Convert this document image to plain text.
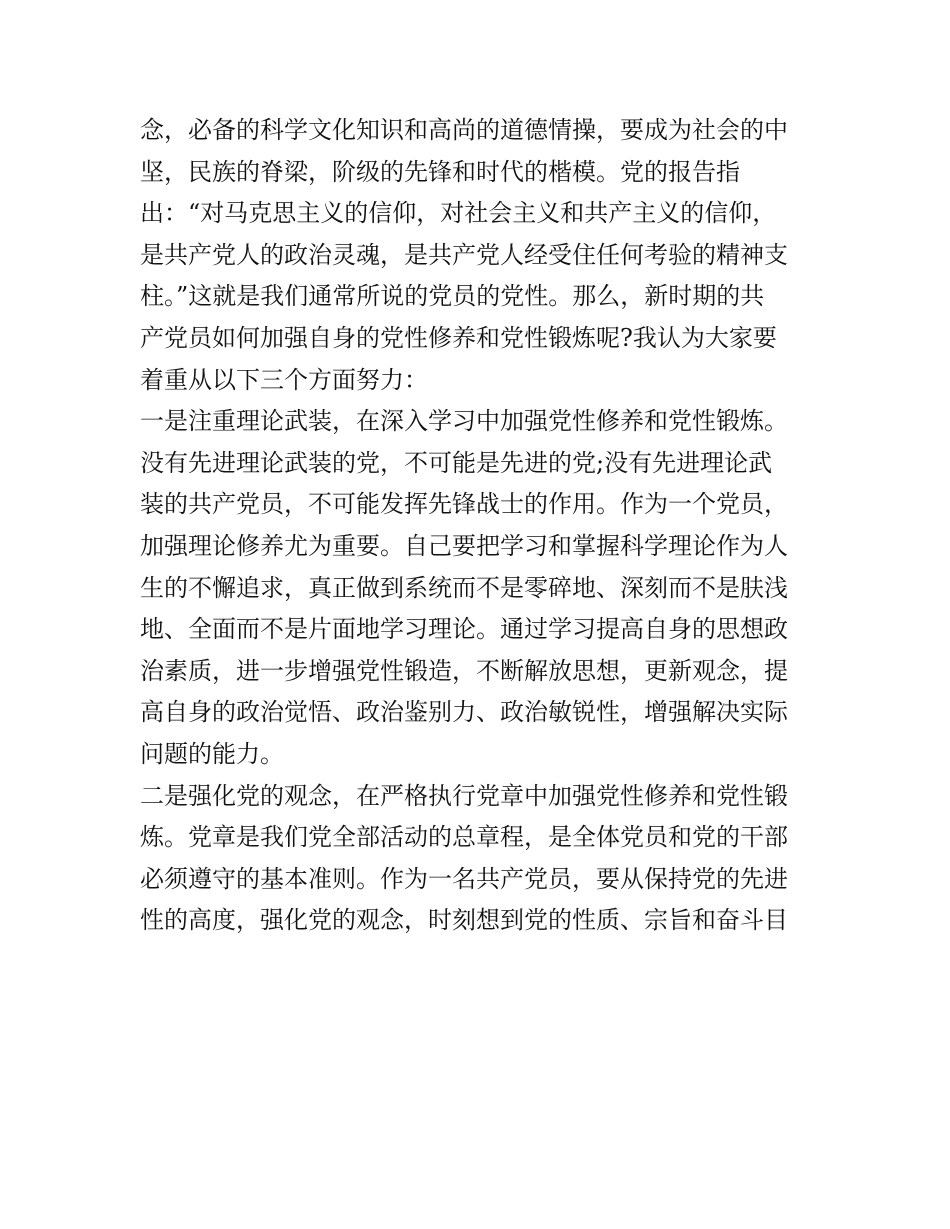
念，必备的科学文化知识和高尚的道德情操，要成为社会的中
坚，民族的脊梁，阶级的先锋和时代的楷模。党的报告指
出：“对马克思主义的信仰，对社会主义和共产主义的信仰，
是共产党人的政治灵魂，是共产党人经受住任何考验的精神支
柱。”这就是我们通常所说的党员的党性。那么，新时期的共
产党员如何加强自身的党性修养和党性锻炼呢?我认为大家要
着重从以下三个方面努力：
一是注重理论武装，在深入学习中加强党性修养和党性锻炼。
没有先进理论武装的党，不可能是先进的党;没有先进理论武
装的共产党员，不可能发挥先锋战士的作用。作为一个党员，
加强理论修养尤为重要。自己要把学习和掌握科学理论作为人
生的不懈追求，真正做到系统而不是零碎地、深刻而不是肤浅
地、全面而不是片面地学习理论。通过学习提高自身的思想政
治素质，进一步增强党性锻造，不断解放思想，更新观念，提
高自身的政治觉悟、政治鉴别力、政治敏锐性，增强解决实际
问题的能力。
二是强化党的观念，在严格执行党章中加强党性修养和党性锻
炼。党章是我们党全部活动的总章程，是全体党员和党的干部
必须遵守的基本准则。作为一名共产党员，要从保持党的先进
性的高度，强化党的观念，时刻想到党的性质、宗旨和奋斗目
